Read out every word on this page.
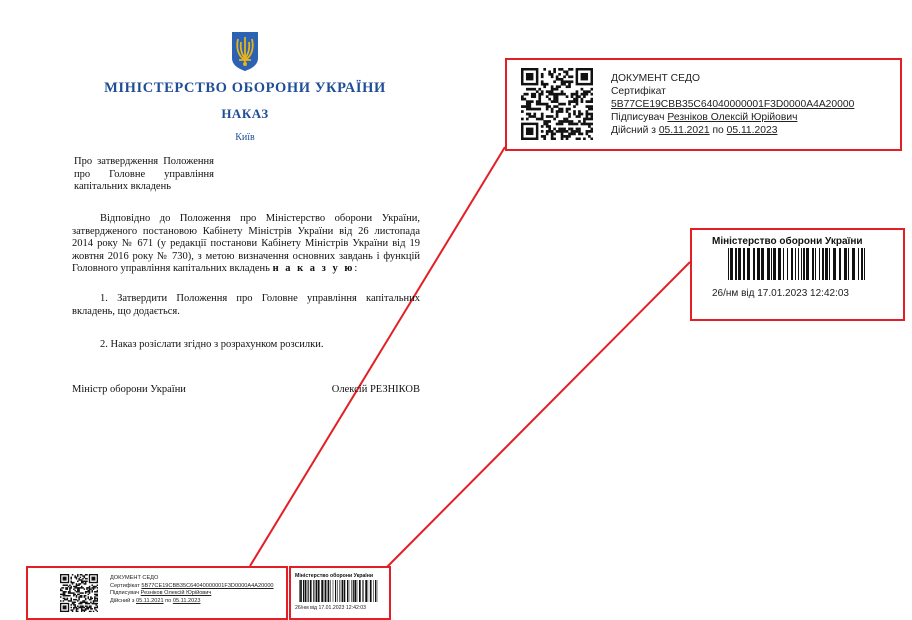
МІНІСТЕРСТВО ОБОРОНИ УКРАЇНИ
НАКАЗ
Київ
Про затвердження Положення
про Головне управління
капітальних вкладень
Відповідно до Положення про Міністерство оборони України, затвердженого постановою Кабінету Міністрів України від 26 листопада 2014 року № 671 (у редакції постанови Кабінету Міністрів України від 19 жовтня 2016 року № 730), з метою визначення основних завдань і функцій Головного управління капітальних вкладень н а к а з у ю:
1. Затвердити Положення про Головне управління капітальних вкладень, що додається.
2. Наказ розіслати згідно з розрахунком розсилки.
Міністр оборони України	Олексій РЕЗНІКОВ
ДОКУМЕНТ СЕДО
Сертифікат 5B77CE19CBB35C64040000001F3D0000A4A20000
Підписувач Резніков Олексій Юрійович
Дійсний з 05.11.2021 по 05.11.2023
Міністерство оборони України
26/нм від 17.01.2023 12:42:03
ДОКУМЕНТ СЕДО
Сертифікат 5B77CE19CBB35C64040000001F3D0000A4A20000
Підписувач Резніков Олексій Юрійович
Дійсний з 05.11.2021 по 05.11.2023
Міністерство оборони України
26/нм від 17.01.2023 12:42:03
